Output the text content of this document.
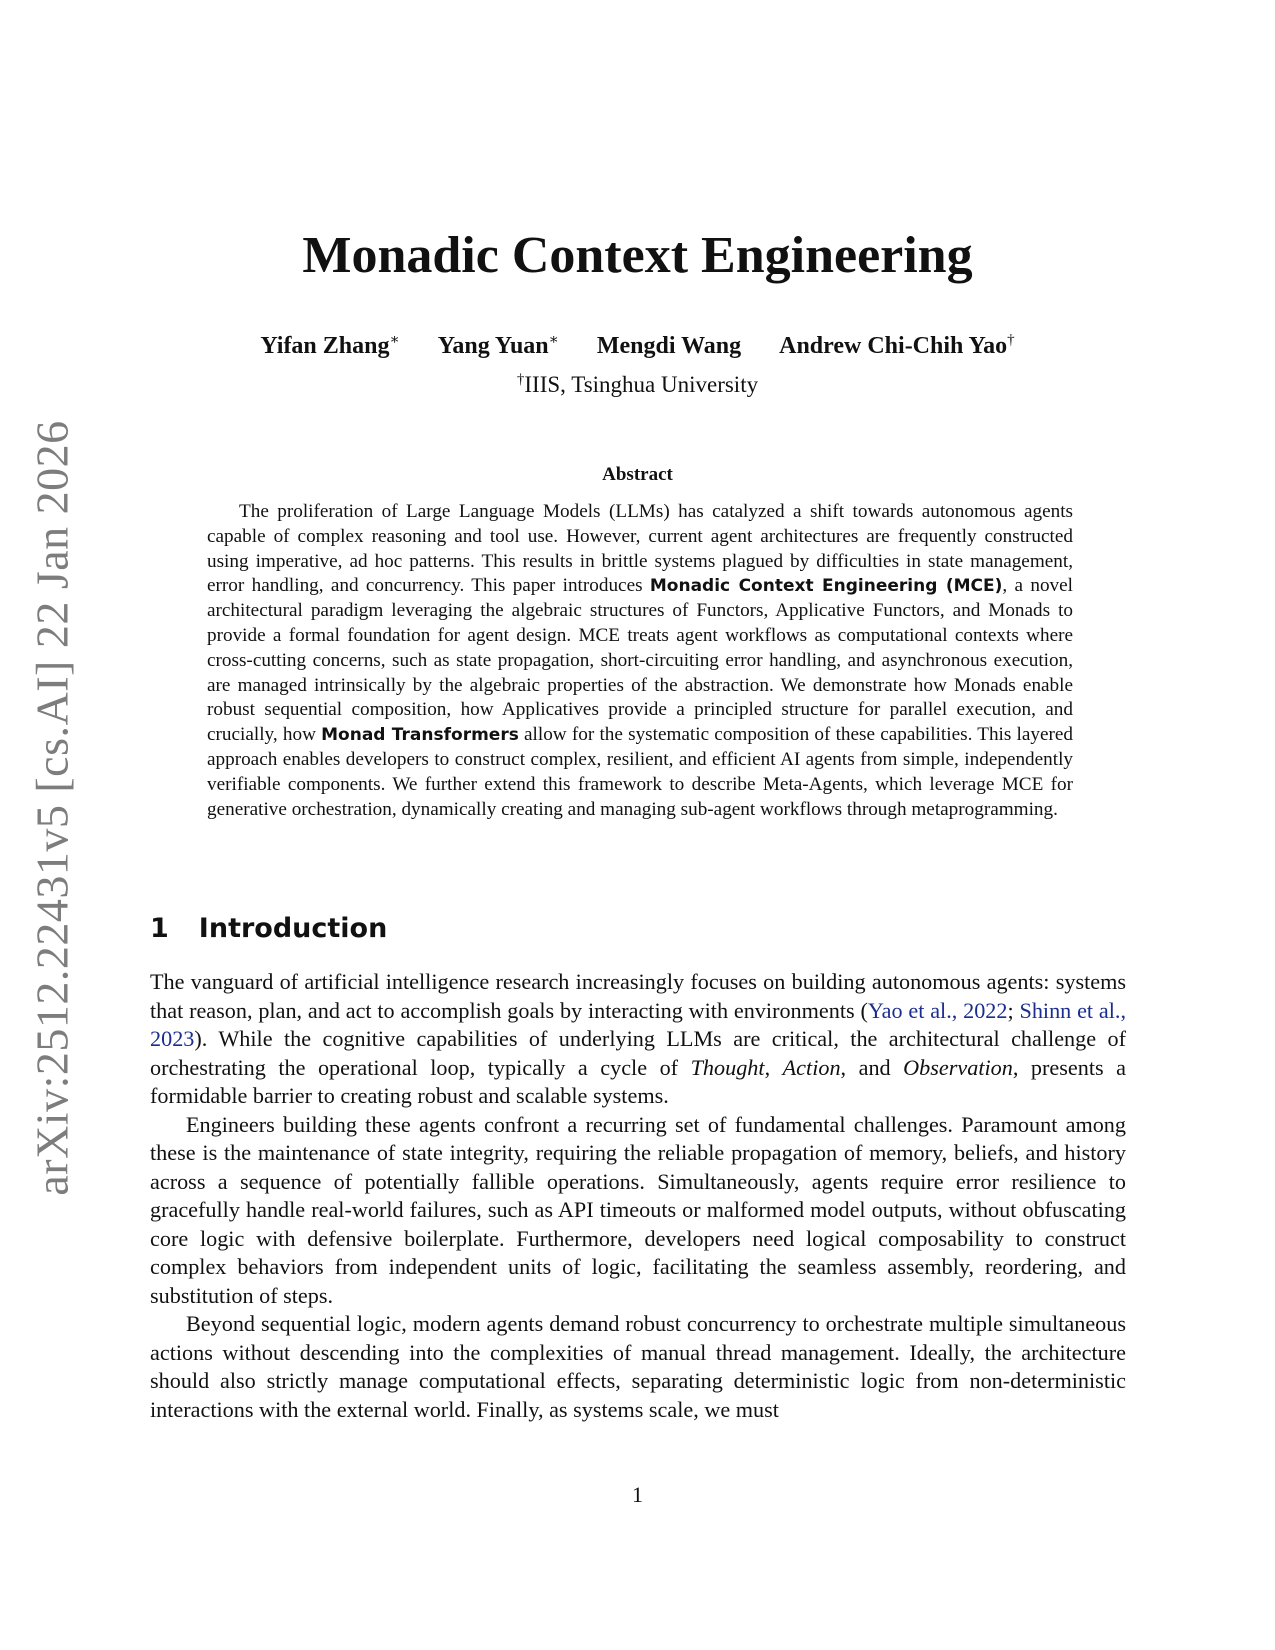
arXiv:2512.22431v5 [cs.AI] 22 Jan 2026
Monadic Context Engineering
Yifan Zhang∗ Yang Yuan∗ Mengdi Wang Andrew Chi-Chih Yao†
†IIIS, Tsinghua University
Abstract

The proliferation of Large Language Models (LLMs) has catalyzed a shift towards autonomous agents capable of complex reasoning and tool use. However, current agent architectures are frequently constructed using imperative, ad hoc patterns. This results in brittle systems plagued by difficulties in state management, error handling, and concurrency. This paper introduces Monadic Context Engineering (MCE), a novel architectural paradigm leveraging the algebraic structures of Functors, Applicative Functors, and Monads to provide a formal foundation for agent design. MCE treats agent workflows as computational contexts where cross-cutting concerns, such as state propagation, short-circuiting error handling, and asynchronous execution, are managed intrinsically by the algebraic properties of the abstraction. We demonstrate how Monads enable robust sequential composition, how Applicatives provide a principled structure for parallel execution, and crucially, how Monad Transformers allow for the systematic composition of these capabilities. This layered approach enables developers to construct complex, resilient, and efficient AI agents from simple, independently verifiable components. We further extend this framework to describe Meta-Agents, which leverage MCE for generative orchestration, dynamically creating and managing sub-agent workflows through metaprogramming.

1 Introduction

The vanguard of artificial intelligence research increasingly focuses on building autonomous agents: systems that reason, plan, and act to accomplish goals by interacting with environments (Yao et al., 2022; Shinn et al., 2023). While the cognitive capabilities of underlying LLMs are critical, the architectural challenge of orchestrating the operational loop, typically a cycle of Thought, Action, and Observation, presents a formidable barrier to creating robust and scalable systems.

Engineers building these agents confront a recurring set of fundamental challenges. Paramount among these is the maintenance of state integrity, requiring the reliable propagation of memory, beliefs, and history across a sequence of potentially fallible operations. Simultaneously, agents require error resilience to gracefully handle real-world failures, such as API timeouts or malformed model outputs, without obfuscating core logic with defensive boilerplate. Furthermore, developers need logical composability to construct complex behaviors from independent units of logic, facilitating the seamless assembly, reordering, and substitution of steps.

Beyond sequential logic, modern agents demand robust concurrency to orchestrate multiple simultaneous actions without descending into the complexities of manual thread management. Ideally, the architecture should also strictly manage computational effects, separating deterministic logic from non-deterministic interactions with the external world. Finally, as systems scale, we must

1
